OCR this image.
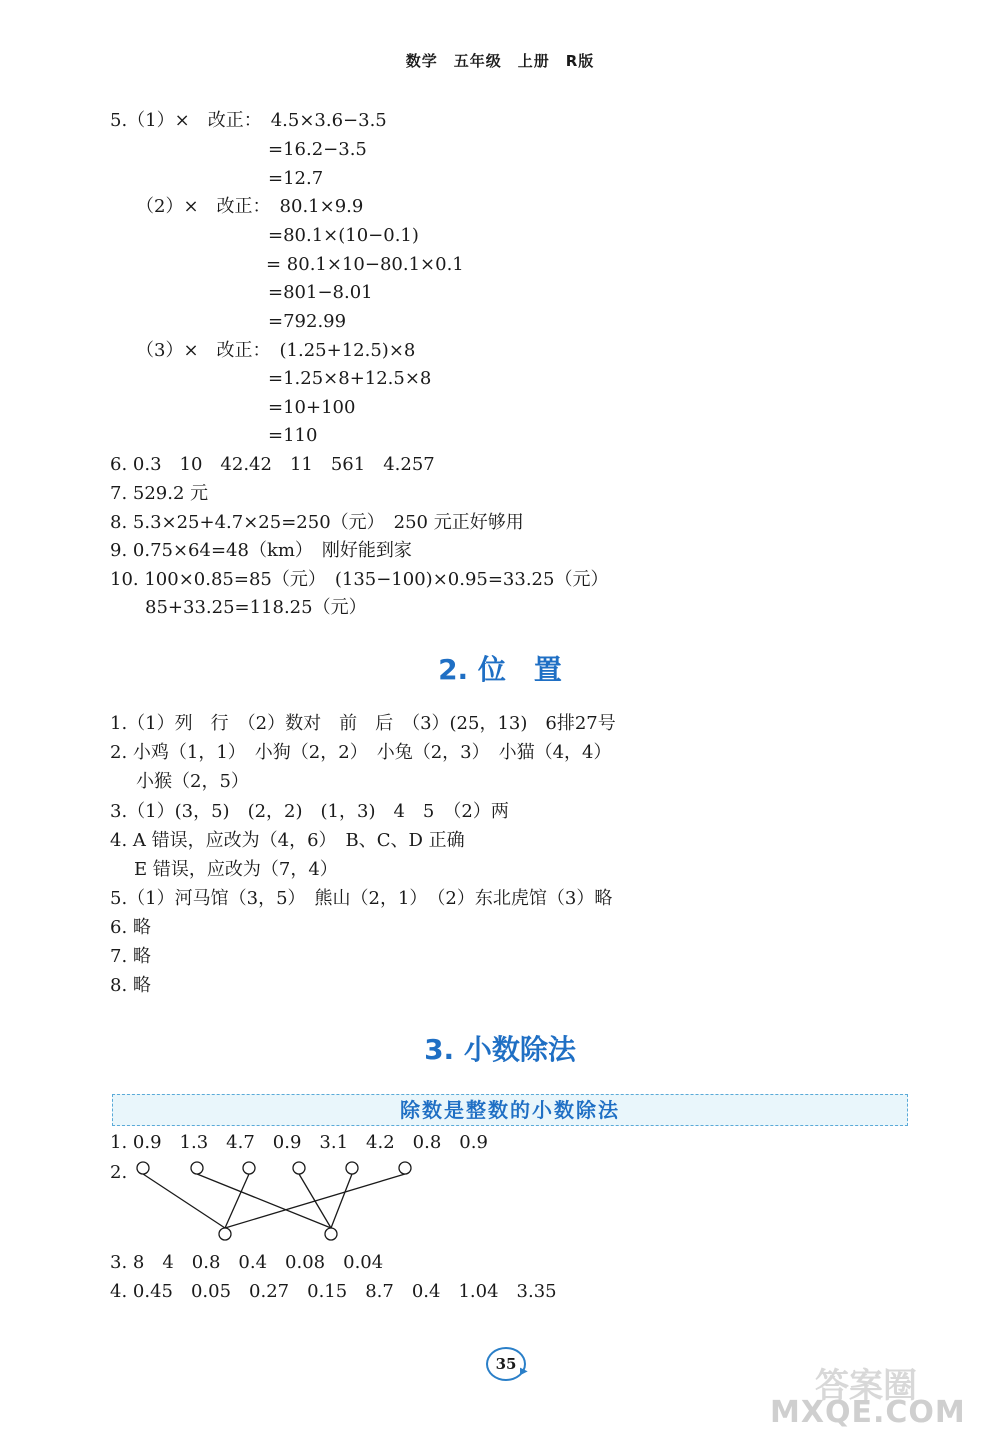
数学　五年级　上册　R版
5.（1）×　改正：　4.5×3.6−3.5
=16.2−3.5
=12.7
（2）×　改正：　80.1×9.9
=80.1×(10−0.1)
= 80.1×10−80.1×0.1
=801−8.01
=792.99
（3）×　改正：　(1.25+12.5)×8
=1.25×8+12.5×8
=10+100
=110
6. 0.3　10　42.42　11　561　4.257
7. 529.2 元
8. 5.3×25+4.7×25=250（元）　250 元正好够用
9. 0.75×64=48（km）　刚好能到家
10. 100×0.85=85（元）　(135−100)×0.95=33.25（元）
85+33.25=118.25（元）
2. 位　置
1.（1）列　行　（2）数对　前　后　（3）(25，13)　6排27号
2. 小鸡（1，1）　小狗（2，2）　小兔（2，3）　小猫（4，4）
小猴（2，5）
3.（1）(3，5)　(2，2)　(1，3)　4　5　（2）两
4. A 错误，应改为（4，6）　B、C、D 正确
E 错误，应改为（7，4）
5.（1）河马馆（3，5）　熊山（2，1）　（2）东北虎馆（3）略
6. 略
7. 略
8. 略
3. 小数除法
除数是整数的小数除法
1. 0.9　1.3　4.7　0.9　3.1　4.2　0.8　0.9
2.
3. 8　4　0.8　0.4　0.08　0.04
4. 0.45　0.05　0.27　0.15　8.7　0.4　1.04　3.35
35 ▶	答案圈
MXQE.COM
